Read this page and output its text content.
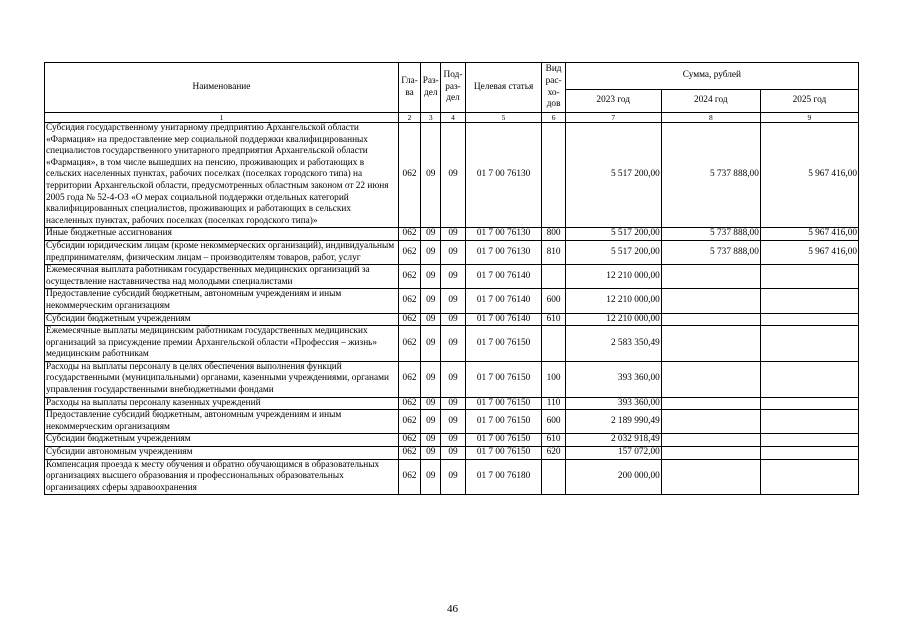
Наименование	Гла-ва	Раз-дел	Под-раз-дел	Целевая статья	Вид рас-хо-дов	Сумма, рублей		
						2023 год	2024 год	2025 год
1	2	3	4	5	6	7	8	9
Субсидия государственному унитарному предприятию Архангельской области «Фармация» на предоставление мер социальной поддержки квалифицированных специалистов государственного унитарного предприятия Архангельской области «Фармация», в том числе вышедших на пенсию, проживающих и работающих в сельских населенных пунктах, рабочих поселках (поселках городского типа) на территории Архангельской области, предусмотренных областным законом от 22 июня 2005 года № 52-4-ОЗ «О мерах социальной поддержки отдельных категорий квалифицированных специалистов, проживающих и работающих в сельских населенных пунктах, рабочих поселках (поселках городского типа)»	062	09	09	01 7 00 76130		5 517 200,00	5 737 888,00	5 967 416,00
Иные бюджетные ассигнования	062	09	09	01 7 00 76130	800	5 517 200,00	5 737 888,00	5 967 416,00
Субсидии юридическим лицам (кроме некоммерческих организаций), индивидуальным предпринимателям, физическим лицам – производителям товаров, работ, услуг	062	09	09	01 7 00 76130	810	5 517 200,00	5 737 888,00	5 967 416,00
Ежемесячная выплата работникам государственных медицинских организаций за осуществление наставничества над молодыми специалистами	062	09	09	01 7 00 76140		12 210 000,00		
Предоставление субсидий бюджетным, автономным учреждениям и иным некоммерческим организациям	062	09	09	01 7 00 76140	600	12 210 000,00		
Субсидии бюджетным учреждениям	062	09	09	01 7 00 76140	610	12 210 000,00		
Ежемесячные выплаты медицинским работникам государственных медицинских организаций за присуждение премии Архангельской области «Профессия – жизнь» медицинским работникам	062	09	09	01 7 00 76150		2 583 350,49		
Расходы на выплаты персоналу в целях обеспечения выполнения функций государственными (муниципальными) органами, казенными учреждениями, органами управления государственными внебюджетными фондами	062	09	09	01 7 00 76150	100	393 360,00		
Расходы на выплаты персоналу казенных учреждений	062	09	09	01 7 00 76150	110	393 360,00		
Предоставление субсидий бюджетным, автономным учреждениям и иным некоммерческим организациям	062	09	09	01 7 00 76150	600	2 189 990,49		
Субсидии бюджетным учреждениям	062	09	09	01 7 00 76150	610	2 032 918,49		
Субсидии автономным учреждениям	062	09	09	01 7 00 76150	620	157 072,00		
Компенсация проезда к месту обучения и обратно обучающимся в образовательных организациях высшего образования и профессиональных образовательных организациях сферы здравоохранения	062	09	09	01 7 00 76180		200 000,00		
46
